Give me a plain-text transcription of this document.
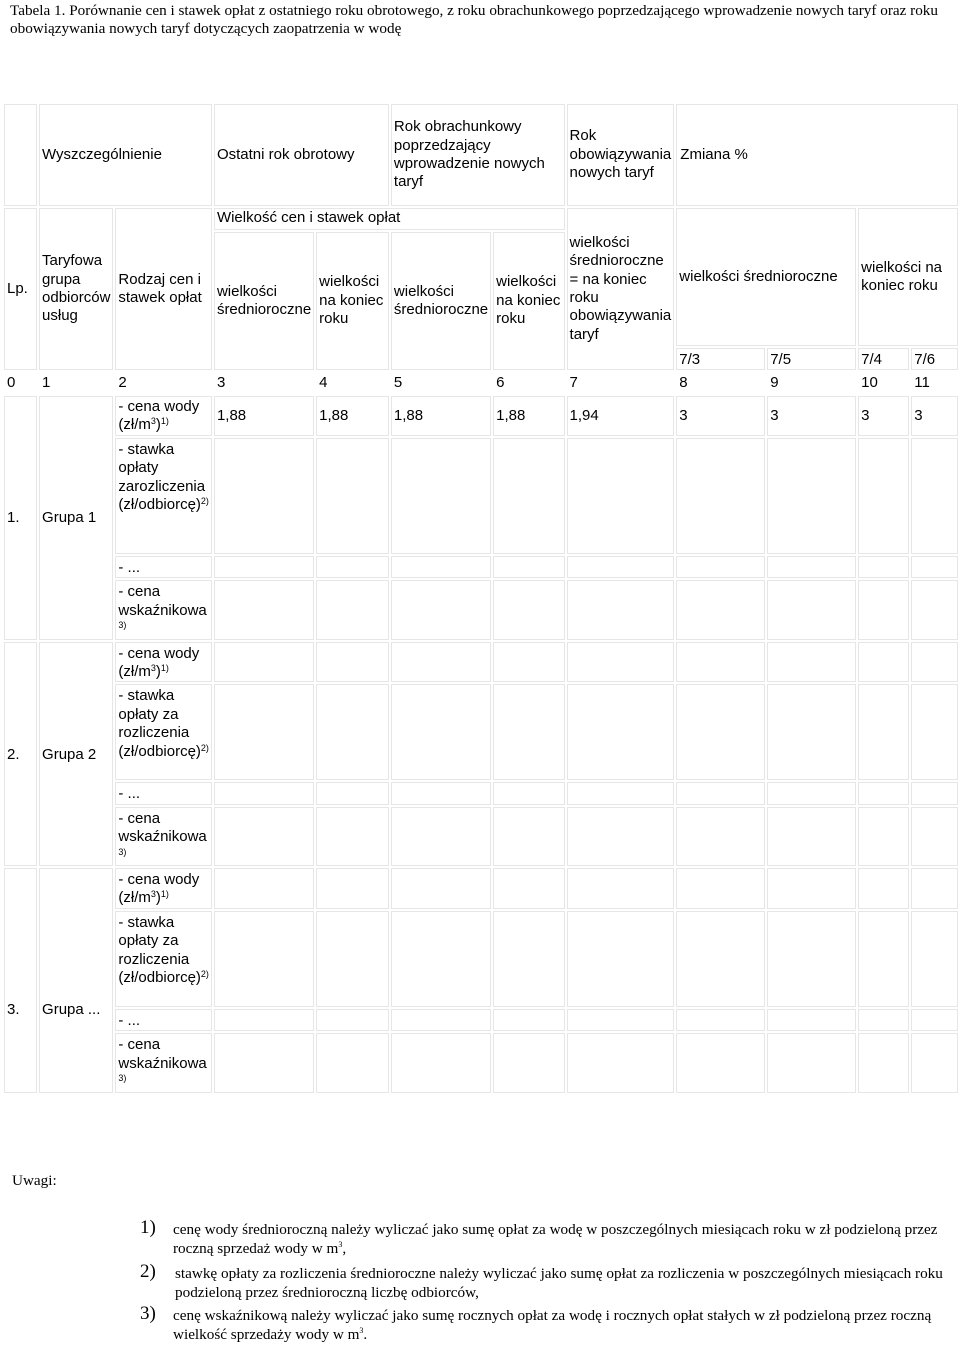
Tabela 1. Porównanie cen i stawek opłat z ostatniego roku obrotowego, z roku obrachunkowego poprzedzającego wprowadzenie nowych taryf oraz roku obowiązywania nowych taryf dotyczących zaopatrzenia w wodę
	Wyszczególnienie		Ostatni rok obrotowy		Rok obrachunkowy poprzedzający wprowadzenie nowych taryf		Rok obowiązywania nowych taryf	Zmiana %			
Lp.	Taryfowa grupa odbiorców usług	Rodzaj cen i stawek opłat	Wielkość cen i stawek opłat				wielkości średnioroczne = na koniec roku obowiązywania taryf	wielkości średnioroczne		wielkości na koniec roku	
			wielkości średnioroczne	wielkości na koniec roku	wielkości średnioroczne	wielkości na koniec roku					
								7/3	7/5	7/4	7/6
0	1	2	3	4	5	6	7	8	9	10	11
1.	Grupa 1	- cena wody $(zł/m^3)^{1)}$	1,88	1,88	1,88	1,88	1,94	3	3	3	3
		- stawka opłaty zarozliczenia (zł/odbiorcę)$^{2)}$									
		- ...									
		- cena wskaźnikowa $^{3)}$									
2.	Grupa 2	- cena wody $(zł/m^3)^{1)}$									
		- stawka opłaty za rozliczenia (zł/odbiorcę)$^{2)}$									
		- ...									
		- cena wskaźnikowa $^{3)}$									
3.	Grupa ...	- cena wody $(zł/m^3)^{1)}$									
		- stawka opłaty za rozliczenia (zł/odbiorcę)$^{2)}$									
		- ...									
		- cena wskaźnikowa $^{3)}$									
Uwagi:
1) cenę wody średnioroczną należy wyliczać jako sumę opłat za wodę w poszczególnych miesiącach roku w zł podzieloną przez roczną sprzedaż wody w $m^3$,
2) stawkę opłaty za rozliczenia średnioroczne należy wyliczać jako sumę opłat za rozliczenia w poszczególnych miesiącach roku podzieloną przez średnioroczną liczbę odbiorców,
3) cenę wskaźnikową należy wyliczać jako sumę rocznych opłat za wodę i rocznych opłat stałych w zł podzieloną przez roczną wielkość sprzedaży wody w $m^3$.
